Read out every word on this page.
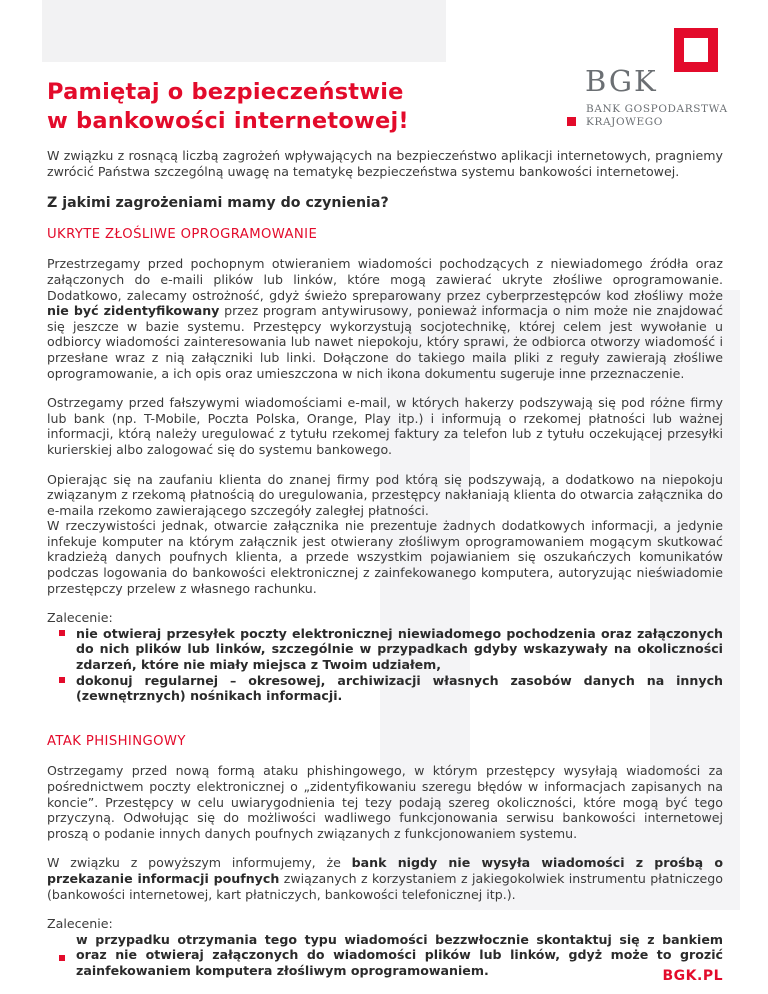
BGK
BANK GOSPODARSTWA
KRAJOWEGO
Pamiętaj o bezpieczeństwie
w bankowości internetowej!

W związku z rosnącą liczbą zagrożeń wpływających na bezpieczeństwo aplikacji internetowych, pragniemy zwrócić Państwa szczególną uwagę na tematykę bezpieczeństwa systemu bankowości internetowej.

Z jakimi zagrożeniami mamy do czynienia?
UKRYTE ZŁOŚLIWE OPROGRAMOWANIE

Przestrzegamy przed pochopnym otwieraniem wiadomości pochodzących z niewiadomego źródła oraz załączonych do e-maili plików lub linków, które mogą zawierać ukryte złośliwe oprogramowanie. Dodatkowo, zalecamy ostrożność, gdyż świeżo spreparowany przez cyberprzestępców kod złośliwy może nie być zidentyfikowany przez program antywirusowy, ponieważ informacja o nim może nie znajdować się jeszcze w bazie systemu. Przestępcy wykorzystują socjotechnikę, której celem jest wywołanie u odbiorcy wiadomości zainteresowania lub nawet niepokoju, który sprawi, że odbiorca otworzy wiadomość i przesłane wraz z nią załączniki lub linki. Dołączone do takiego maila pliki z reguły zawierają złośliwe oprogramowanie, a ich opis oraz umieszczona w nich ikona dokumentu sugeruje inne przeznaczenie.

Ostrzegamy przed fałszywymi wiadomościami e-mail, w których hakerzy podszywają się pod różne firmy lub bank (np. T-Mobile, Poczta Polska, Orange, Play itp.) i informują o rzekomej płatności lub ważnej informacji, którą należy uregulować z tytułu rzekomej faktury za telefon lub z tytułu oczekującej przesyłki kurierskiej albo zalogować się do systemu bankowego.

Opierając się na zaufaniu klienta do znanej firmy pod którą się podszywają, a dodatkowo na niepokoju związanym z rzekomą płatnością do uregulowania, przestępcy nakłaniają klienta do otwarcia załącznika do e-maila rzekomo zawierającego szczegóły zaległej płatności.

W rzeczywistości jednak, otwarcie załącznika nie prezentuje żadnych dodatkowych informacji, a jedynie infekuje komputer na którym załącznik jest otwierany złośliwym oprogramowaniem mogącym skutkować kradzieżą danych poufnych klienta, a przede wszystkim pojawianiem się oszukańczych komunikatów podczas logowania do bankowości elektronicznej z zainfekowanego komputera, autoryzując nieświadomie przestępczy przelew z własnego rachunku.

Zalecenie:
nie otwieraj przesyłek poczty elektronicznej niewiadomego pochodzenia oraz załączonych do nich plików lub linków, szczególnie w przypadkach gdyby wskazywały na okoliczności zdarzeń, które nie miały miejsca z Twoim udziałem,
dokonuj regularnej – okresowej, archiwizacji własnych zasobów danych na innych (zewnętrznych) nośnikach informacji.
ATAK PHISHINGOWY

Ostrzegamy przed nową formą ataku phishingowego, w którym przestępcy wysyłają wiadomości za pośrednictwem poczty elektronicznej o „zidentyfikowaniu szeregu błędów w informacjach zapisanych na koncie”. Przestępcy w celu uwiarygodnienia tej tezy podają szereg okoliczności, które mogą być tego przyczyną. Odwołując się do możliwości wadliwego funkcjonowania serwisu bankowości internetowej proszą o podanie innych danych poufnych związanych z funkcjonowaniem systemu.

W związku z powyższym informujemy, że bank nigdy nie wysyła wiadomości z prośbą o przekazanie informacji poufnych związanych z korzystaniem z jakiegokolwiek instrumentu płatniczego (bankowości internetowej, kart płatniczych, bankowości telefonicznej itp.).

Zalecenie:
w przypadku otrzymania tego typu wiadomości bezzwłocznie skontaktuj się z bankiem oraz nie otwieraj załączonych do wiadomości plików lub linków, gdyż może to grozić zainfekowaniem komputera złośliwym oprogramowaniem.	BGK.PL
